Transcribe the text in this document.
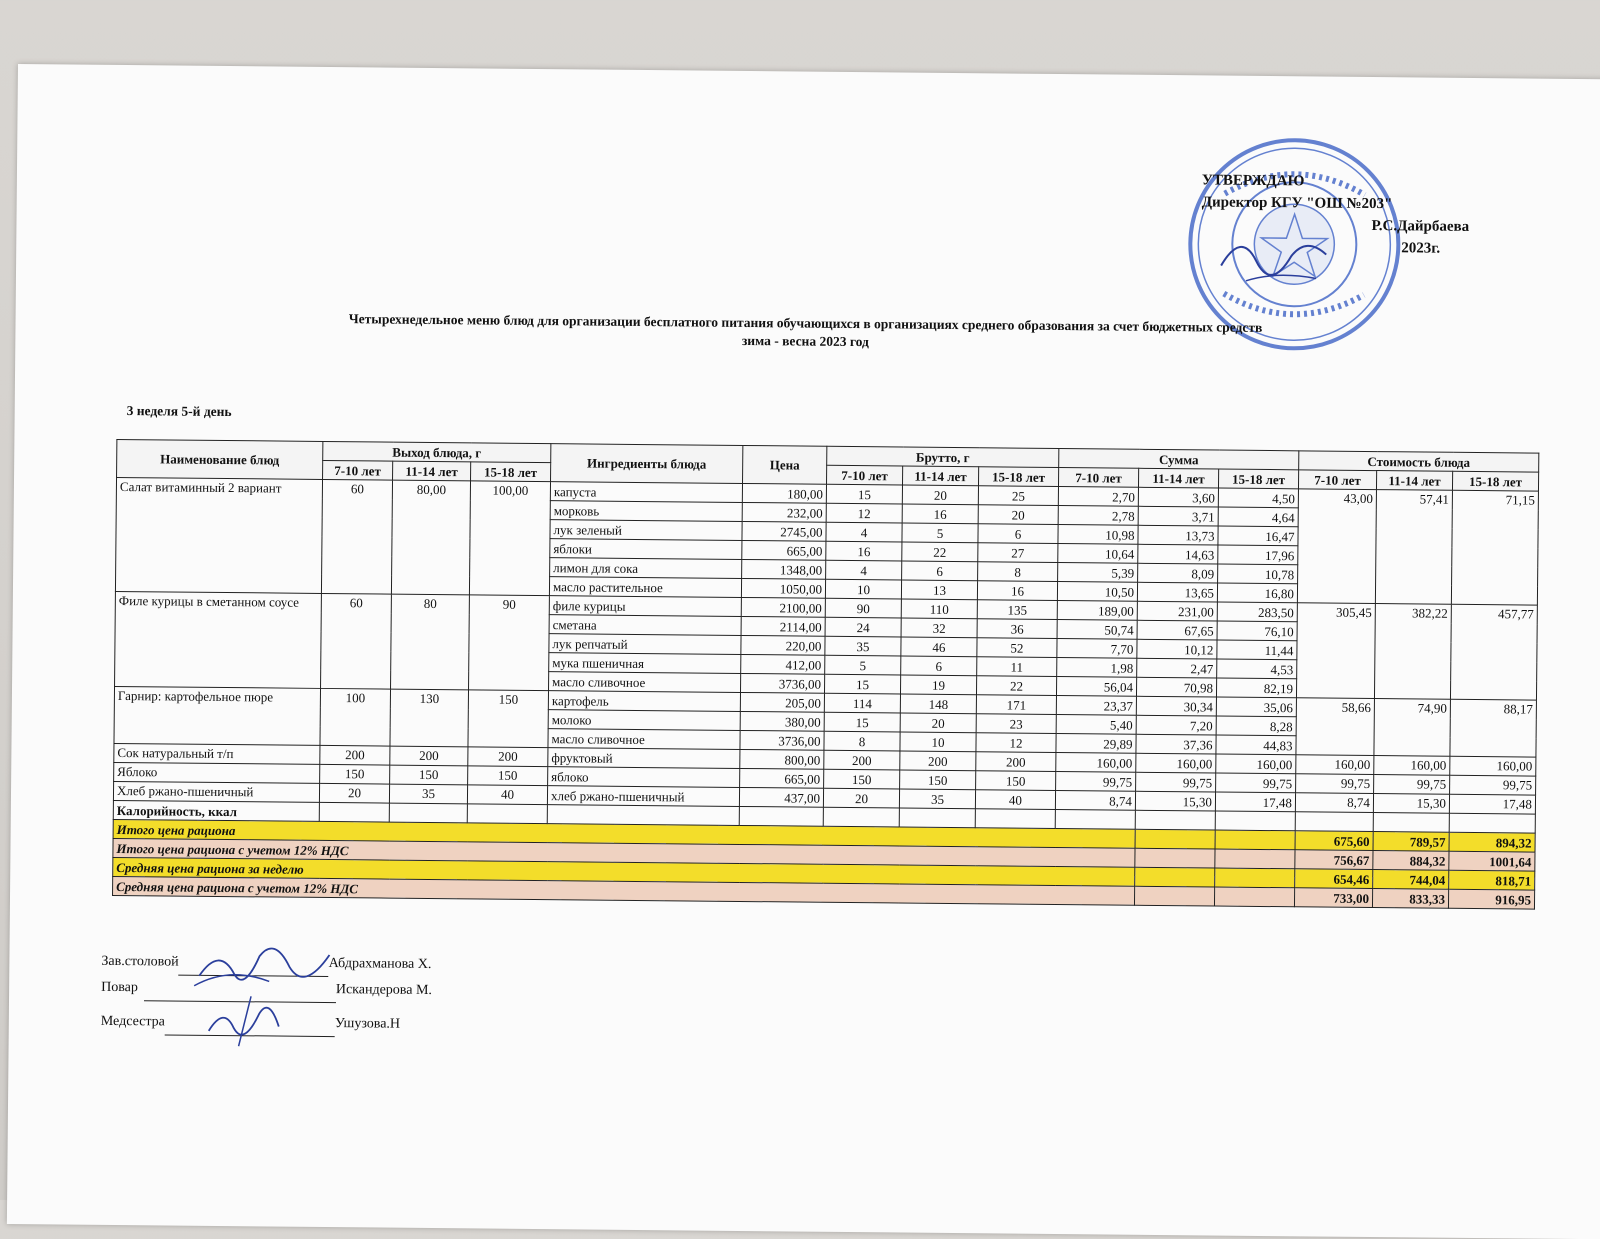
УТВЕРЖДАЮ
Директор КГУ "ОШ №203"
Р.С.Дайрбаева
2023г.
Четырехнедельное меню блюд для организации бесплатного питания обучающихся в организациях среднего образования за счет бюджетных средств
зима - весна 2023 год
3 неделя 5-й день
Наименование блюд	Выход блюда, г			Ингредиенты блюда	Цена	Брутто, г			Сумма			Стоимость блюда		
	7-10 лет	11-14 лет	15-18 лет			7-10 лет	11-14 лет	15-18 лет	7-10 лет	11-14 лет	15-18 лет	7-10 лет	11-14 лет	15-18 лет
Салат витаминный 2 вариант	60	80,00	100,00	капуста	180,00	15	20	25	2,70	3,60	4,50	43,00	57,41	71,15
				морковь	232,00	12	16	20	2,78	3,71	4,64			
				лук зеленый	2745,00	4	5	6	10,98	13,73	16,47			
				яблоки	665,00	16	22	27	10,64	14,63	17,96			
				лимон для сока	1348,00	4	6	8	5,39	8,09	10,78			
				масло растительное	1050,00	10	13	16	10,50	13,65	16,80			
Филе курицы в сметанном соусе	60	80	90	филе курицы	2100,00	90	110	135	189,00	231,00	283,50	305,45	382,22	457,77
				сметана	2114,00	24	32	36	50,74	67,65	76,10			
				лук репчатый	220,00	35	46	52	7,70	10,12	11,44			
				мука пшеничная	412,00	5	6	11	1,98	2,47	4,53			
				масло сливочное	3736,00	15	19	22	56,04	70,98	82,19			
Гарнир: картофельное пюре	100	130	150	картофель	205,00	114	148	171	23,37	30,34	35,06	58,66	74,90	88,17
				молоко	380,00	15	20	23	5,40	7,20	8,28			
				масло сливочное	3736,00	8	10	12	29,89	37,36	44,83			
Сок натуральный т/п	200	200	200	фруктовый	800,00	200	200	200	160,00	160,00	160,00	160,00	160,00	160,00
Яблоко	150	150	150	яблоко	665,00	150	150	150	99,75	99,75	99,75	99,75	99,75	99,75
Хлеб ржано-пшеничный	20	35	40	хлеб ржано-пшеничный	437,00	20	35	40	8,74	15,30	17,48	8,74	15,30	17,48
Калорийность, ккал														
Итого цена рациона												675,60	789,57	894,32
Итого цена рациона с учетом 12% НДС												756,67	884,32	1001,64
Средняя цена рациона за неделю												654,46	744,04	818,71
Средняя цена рациона с учетом 12% НДС												733,00	833,33	916,95
Зав.столовой	Абдрахманова Х.
Повар	Искандерова М.
Медсестра	Ушузова.Н
